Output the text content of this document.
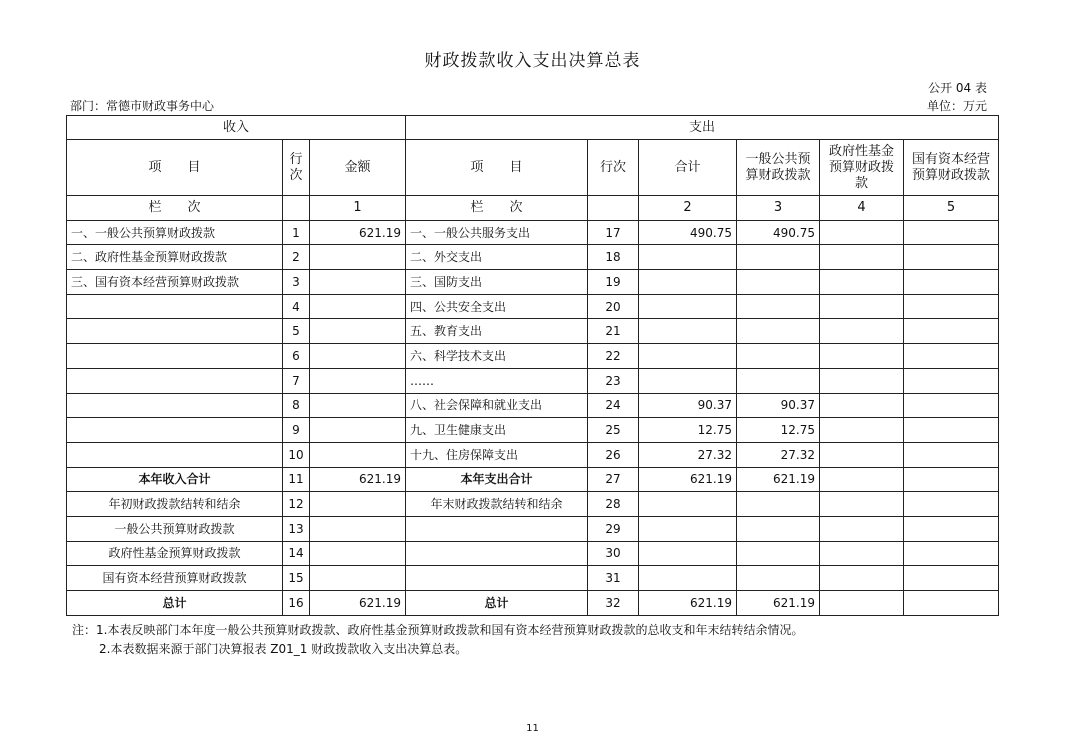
财政拨款收入支出决算总表
公开 04 表
部门：常德市财政事务中心	单位：万元
收入			支出					
项　　目	行次	金额	项　　目	行次	合计	一般公共预算财政拨款	政府性基金预算财政拨款	国有资本经营预算财政拨款
栏　　次		1	栏　　次		2	3	4	5
一、一般公共预算财政拨款	1	621.19	一、一般公共服务支出	17	490.75	490.75		
二、政府性基金预算财政拨款	2		二、外交支出	18				
三、国有资本经营预算财政拨款	3		三、国防支出	19				
	4		四、公共安全支出	20				
	5		五、教育支出	21				
	6		六、科学技术支出	22				
	7		……	23				
	8		八、社会保障和就业支出	24	90.37	90.37		
	9		九、卫生健康支出	25	12.75	12.75		
	10		十九、住房保障支出	26	27.32	27.32		
本年收入合计	11	621.19	本年支出合计	27	621.19	621.19		
年初财政拨款结转和结余	12		年末财政拨款结转和结余	28				
一般公共预算财政拨款	13			29				
政府性基金预算财政拨款	14			30				
国有资本经营预算财政拨款	15			31				
总计	16	621.19	总计	32	621.19	621.19		
注：1.本表反映部门本年度一般公共预算财政拨款、政府性基金预算财政拨款和国有资本经营预算财政拨款的总收支和年末结转结余情况。
2.本表数据来源于部门决算报表 Z01_1 财政拨款收入支出决算总表。
11
